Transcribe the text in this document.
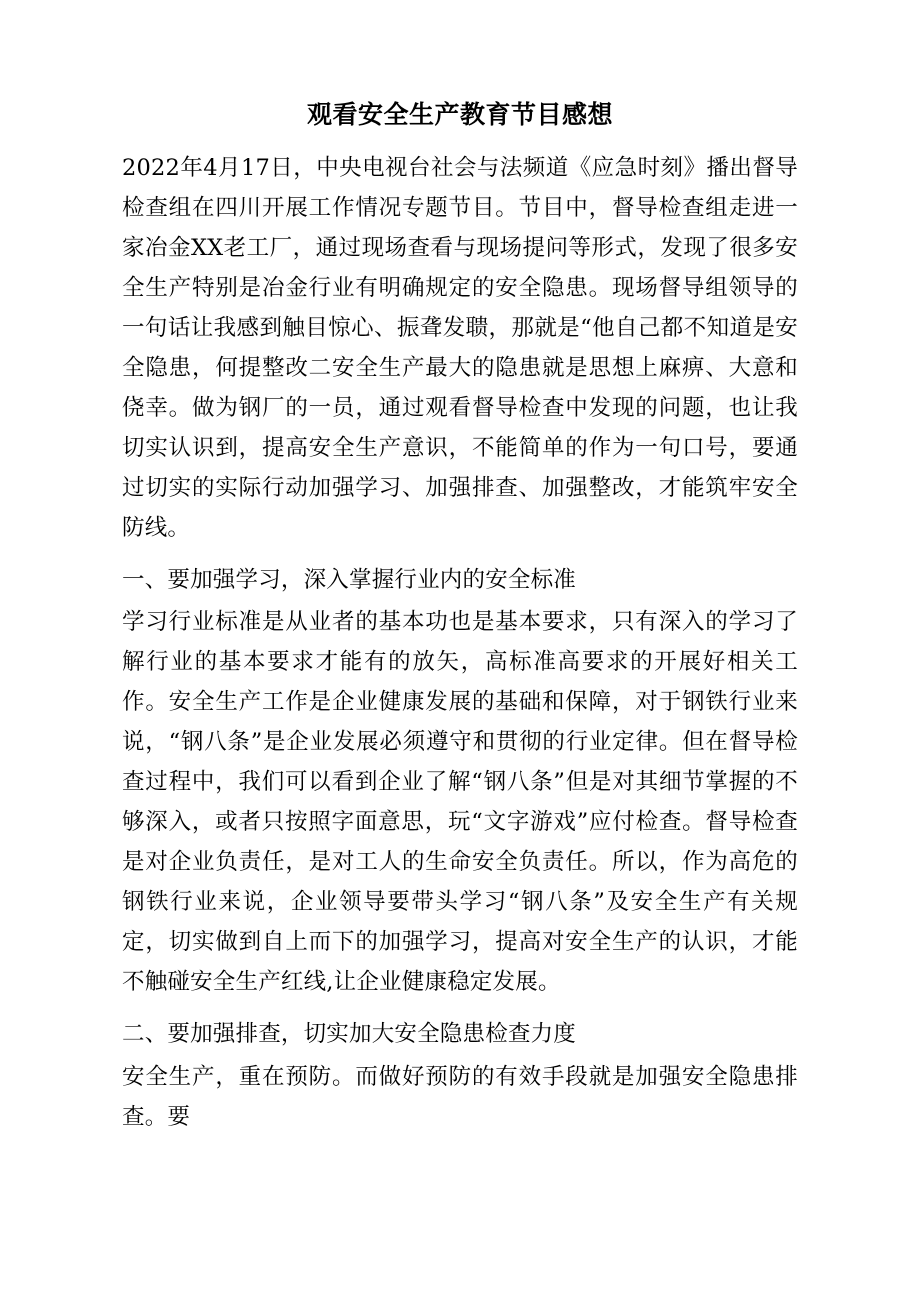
观看安全生产教育节目感想

2022年4月17日，中央电视台社会与法频道《应急时刻》播出督导检查组在四川开展工作情况专题节目。节目中，督导检查组走进一家冶金XX老工厂，通过现场查看与现场提问等形式，发现了很多安全生产特别是冶金行业有明确规定的安全隐患。现场督导组领导的一句话让我感到触目惊心、振聋发聩，那就是“他自己都不知道是安全隐患，何提整改二安全生产最大的隐患就是思想上麻痹、大意和侥幸。做为钢厂的一员，通过观看督导检查中发现的问题，也让我切实认识到，提高安全生产意识，不能简单的作为一句口号，要通过切实的实际行动加强学习、加强排查、加强整改，才能筑牢安全防线。

一、要加强学习，深入掌握行业内的安全标准

学习行业标准是从业者的基本功也是基本要求，只有深入的学习了解行业的基本要求才能有的放矢，高标准高要求的开展好相关工作。安全生产工作是企业健康发展的基础和保障，对于钢铁行业来说，“钢八条”是企业发展必须遵守和贯彻的行业定律。但在督导检查过程中，我们可以看到企业了解“钢八条”但是对其细节掌握的不够深入，或者只按照字面意思，玩“文字游戏”应付检查。督导检查是对企业负责任，是对工人的生命安全负责任。所以，作为高危的钢铁行业来说，企业领导要带头学习“钢八条”及安全生产有关规定，切实做到自上而下的加强学习，提高对安全生产的认识，才能不触碰安全生产红线,让企业健康稳定发展。

二、要加强排查，切实加大安全隐患检查力度

安全生产，重在预防。而做好预防的有效手段就是加强安全隐患排查。要
